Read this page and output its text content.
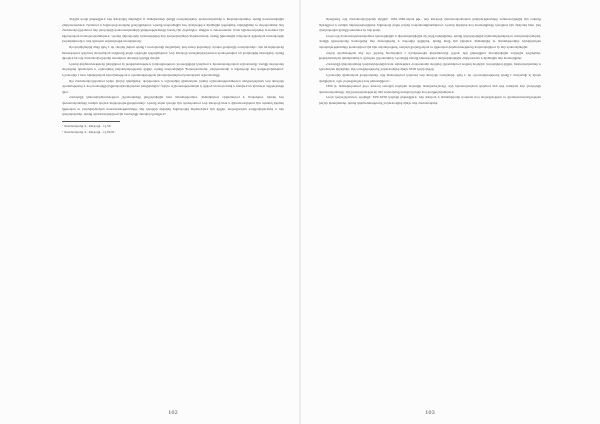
Վերջին դարի ընթացքում Նոր Ջուղայից մեկնեցին Ս. Ստեփանոսի վանքի առաջնորդներ, վաճառականներ և հոգևորականներ, որոնք հաստատվեցին Հնդկաստանում, Իրանում և Եվրոպայի տարբեր քաղաքներում։ Նրանք տարածեցին հայ մշակույթը և հիմնեցին դպրոցներ, եկեղեցիներ ու տպարաններ։ Այդ ժամանակաշրջանում նոր ջուղայեցի վաճառականների ընկերությունները հասել էին Հոլանդիա, Անգլիա և Ռուսաստան։ Շատ երիտասարդներ ուսանում էին եվրոպական համալսարաններում։ Նրանց վերադարձը նշանավորվեց նոր գաղափարների ներմուծմամբ, որոնք խթանեցին տեղական կրթական համակարգի բարեփոխումը և նոր գրական ավանդույթի ձևավորումը։

Այս գործիչներից մեկը գրել է, որ «հայոց լեզուն պետք է ուսուցանվի մայրենիով, իսկ օտար լեզուները՝ որպես լրացուցիչ առարկաներ»։ Այս ձևակերպումը հետագայում դարձավ տարածված սկզբունք բոլոր ազգային դպրոցներում։ Նոր Ջուղայի առաջնորդարանում պահպանվում են բազմաթիվ ձեռագրեր, որոնք վկայում են այդ ժամանակաշրջանի եռանդուն մտավոր կյանքի մասին։

Նրանց գործունեությունը ընդգրկում էր թարգմանություն, խմբագրություն, դասագրքերի կազմում և հրատարակչական աշխատանք։ Վանքի տպարանը տպագրեց կրոնական և աշխարհիկ բովանդակությամբ գրքեր, որոնք տարածվեցին Պարսկաստանի, Հնդկաստանի և Եվրոպայի հայ գաղթօջախներում։ Նշանավոր է նաև եկեղեցական երաժշտության և պատմագրության բնագավառներում կատարված աշխատանքը։

Այս ժամանակաշրջանում երկու խոշոր գործիչներ՝ վարդապետ և աշխարհիկ գիտնական, իրենց աշխատություններում անդրադարձան Նոր Ջուղայի պատմությանը և հայ համայնքի ինքնակազմակերպման խնդիրներին¹։ Երկու աշխատություններն էլ գրված են նույն ոճով և հենվում են միևնույն աղբյուրների վրա։

Համայնքի կենսագործունեության շրջանակները ընդլայնվեցին նաև Ամստերդամում, Վենետիկում, Լիվոռնոյում և Մարսելում, որտեղ հայ վաճառականները ունեին կայուն ներկայացուցչություններ։ Նրանք սերտ կապեր էին պահպանում Նոր Ջուղայի հետ և ֆինանսավորում էին այնտեղ գործող կրթական ու բարեգործական հաստատությունները։ Այդ կապերի միջոցով Եվրոպայից ներմուծվում էին գրքեր, տպագրական սարքավորումներ և նոր գաղափարներ, որոնք արմատավորվում էին համայնքի մտավոր կյանքում²։

¹ Գաստանյանը Վ., Ջուղայի... էջ 58։

² Գաստանյանը Վ., Ջուղայի... էջ 60-61։

Այսպիսով, այդ ժամանակաշրջանի սկզբին՝ 1650–1680-ական թթ., Նոր Ջուղայի վաճառականական ընկերությունները ամենաազդեցիկ էին ամբողջ Արևելքում և ունեին ներկայացուցիչներ Եվրոպայի բոլոր խոշոր նավահանգիստներում։ Նրանց միջոցով հայ համայնքները կապվում էին միմյանց հետ, իսկ մշակութային կյանքը ստանում էր նոր թափ։

Նույն այդ ժամանակահատվածում կառուցվեցին և վերանորոգվեցին մի շարք եկեղեցիներ, որոնք զարդարվեցին որմնանկարներով ու մանրանկարներով։ Վանքի գրադարանը համալրվեց նոր ձեռագրերով և տպագիր գրքերով, որոնք ձեռք էին բերվում Վենետիկից ու Ամստերդամից։ Եկեղեցական արարողությունները կատարվում էին հին ավանդույթով, սակայն քարոզչական ու կրթական գործունեությունը հարմարեցվում էր նոր պահանջներին։

Հայոց պատմության մեջ այս շրջանը համարվում է մշակութային վերածնունդի շրջան, որի ընթացքում ձևավորվեցին ազգային դպրոցներ, թարգմանական կենտրոններ և գրական շրջանակներ։ Նրանցից ոմանք հետագայում տեղափոխվեցին Հնդկաստան և հիմնեցին նոր համայնքներ։

Համայնքի ղեկավարները կազմակերպեցին նաև օգնություն Հայաստանի տարբեր շրջաններում ապրող հայերին՝ ուղարկելով գրքեր, հոգևորականներ և դրամական միջոցներ։ Այդ առաքելությունը շարունակվեց մինչև XVIII դարի վերջը։

Նշանավոր գիտնական վարդապետը, որը հետագայում դարձավ Նոր Ջուղայի առաջնորդ, գրել է, որ «լուսավորությունը պետք է տարածվի ոչ միայն վանքերում, այլև յուրաքանչյուր հայ ընտանիքում»։

1669 թ. Ամստերդամում լույս տեսավ առաջին հայերեն տպագիր Աստվածաշունչը, որի հրատարակման գործում մեծ դեր ունեցան նոր ջուղայեցի վաճառականները։ Այդ իրադարձությունը մեծ արձագանք ունեցավ բոլոր հայ գաղթօջախներում։

Նույն դարաշրջանում, այսինքն՝ XVII–XVIII դարերի ընթացքում, Նոր Ջուղան և Ամստերդամը դարձան հայ տպագրության ու գրահրատարակչության խոշոր կենտրոններ, որոնց գործունեությունը շարունակվեց մինչև նոր ժամանակներ։

102	103
